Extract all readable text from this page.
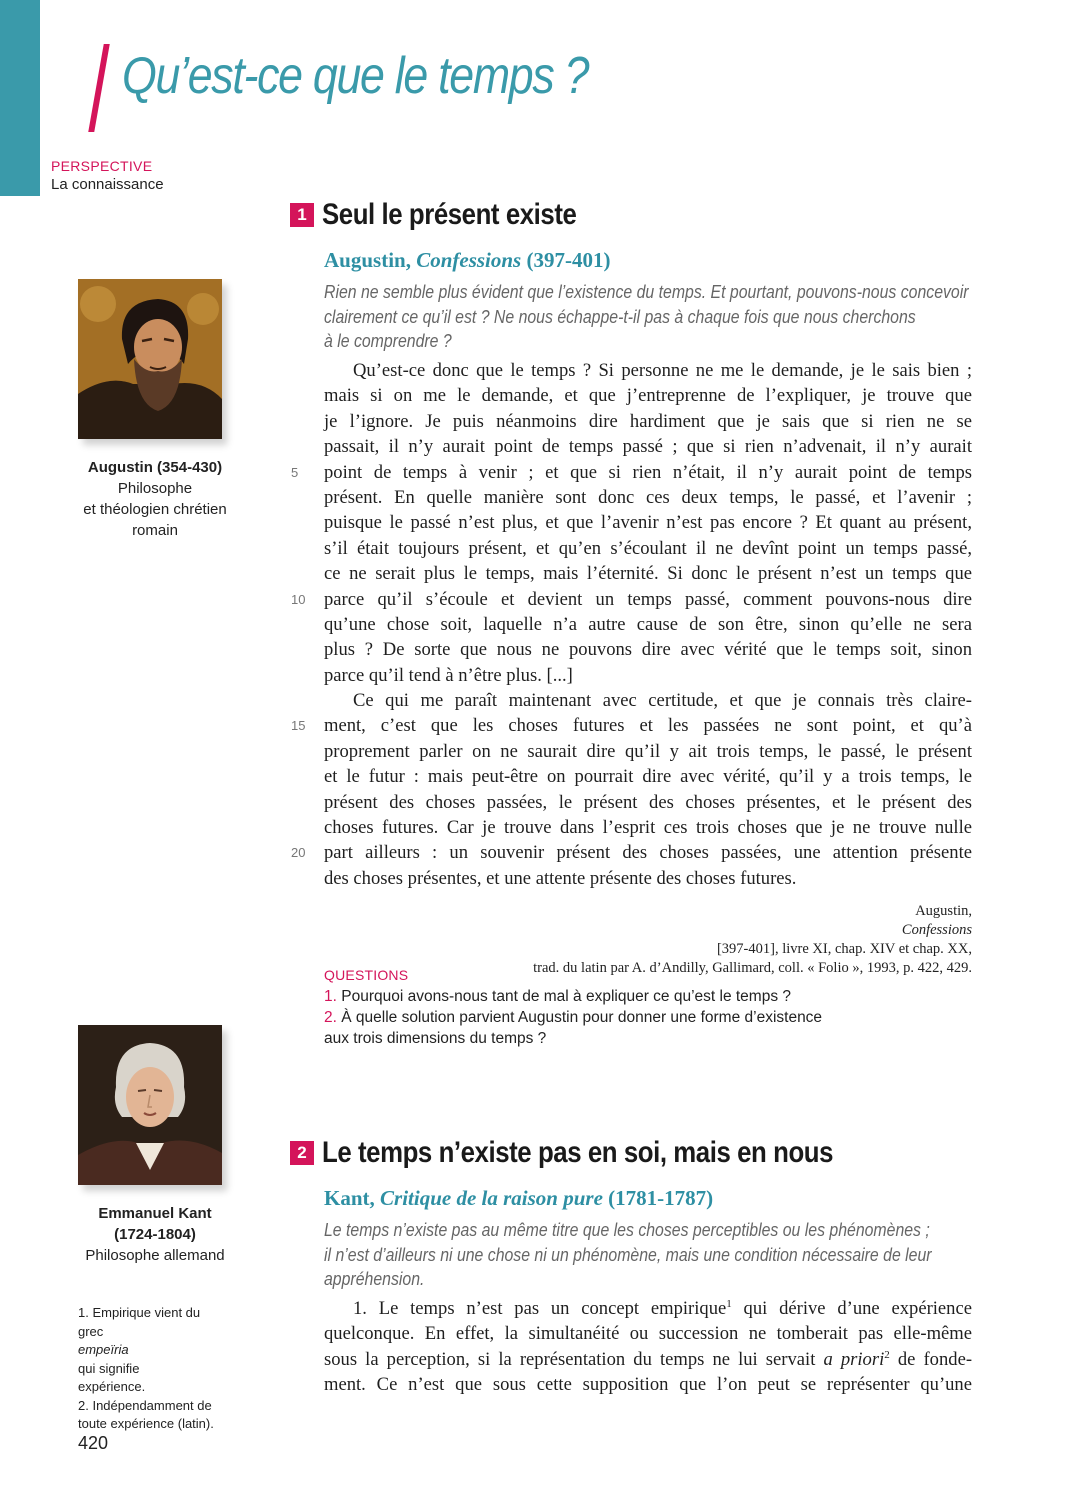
Qu’est-ce que le temps ?
PERSPECTIVE
La connaissance
Augustin (354-430)
Philosophe
et théologien chrétien
romain
Emmanuel Kant
(1724-1804)
Philosophe allemand
1 Seul le présent existe
Augustin, Confessions (397-401)
Rien ne semble plus évident que l’existence du temps. Et pourtant, pouvons-nous concevoir
clairement ce qu’il est ? Ne nous échappe-t-il pas à chaque fois que nous cherchons
à le comprendre ?
Qu’est-ce donc que le temps ? Si personne ne me le demande, je le sais bien ;
mais si on me le demande, et que j’entreprenne de l’expliquer, je trouve que
je l’ignore. Je puis néanmoins dire hardiment que je sais que si rien ne se
passait, il n’y aurait point de temps passé ; que si rien n’advenait, il n’y aurait
5	point de temps à venir ; et que si rien n’était, il n’y aurait point de temps
présent. En quelle manière sont donc ces deux temps, le passé, et l’avenir ;
puisque le passé n’est plus, et que l’avenir n’est pas encore ? Et quant au présent,
s’il était toujours présent, et qu’en s’écoulant il ne devînt point un temps passé,
ce ne serait plus le temps, mais l’éternité. Si donc le présent n’est un temps que
10 parce qu’il s’écoule et devient un temps passé, comment pouvons-nous dire
qu’une chose soit, laquelle n’a autre cause de son être, sinon qu’elle ne sera
plus ? De sorte que nous ne pouvons dire avec vérité que le temps soit, sinon
parce qu’il tend à n’être plus. [...]
Ce qui me paraît maintenant avec certitude, et que je connais très claire-
15 ment, c’est que les choses futures et les passées ne sont point, et qu’à
proprement parler on ne saurait dire qu’il y ait trois temps, le passé, le présent
et le futur : mais peut-être on pourrait dire avec vérité, qu’il y a trois temps, le
présent des choses passées, le présent des choses présentes, et le présent des
choses futures. Car je trouve dans l’esprit ces trois choses que je ne trouve nulle
20 part ailleurs : un souvenir présent des choses passées, une attention présente
des choses présentes, et une attente présente des choses futures.
Augustin,
Confessions
[397-401], livre XI, chap. XIV et chap. XX,
trad. du latin par A. d’Andilly, Gallimard, coll. « Folio », 1993, p. 422, 429.
QUESTIONS
1. Pourquoi avons-nous tant de mal à expliquer ce qu’est le temps ?
2. À quelle solution parvient Augustin pour donner une forme d’existence
aux trois dimensions du temps ?
2 Le temps n’existe pas en soi, mais en nous
Kant, Critique de la raison pure (1781-1787)
Le temps n’existe pas au même titre que les choses perceptibles ou les phénomènes ;
il n’est d’ailleurs ni une chose ni un phénomène, mais une condition nécessaire de leur
appréhension.
1. Le temps n’est pas un concept empirique$^1$ qui dérive d’une expérience
quelconque. En effet, la simultanéité ou succession ne tomberait pas elle-même
sous la perception, si la représentation du temps ne lui servait a priori$^2$ de fonde-
ment. Ce n’est que sous cette supposition que l’on peut se représenter qu’une
1. Empirique vient du
grec
empeïria
qui signifie
expérience.
2. Indépendamment de
toute expérience (latin).
420
